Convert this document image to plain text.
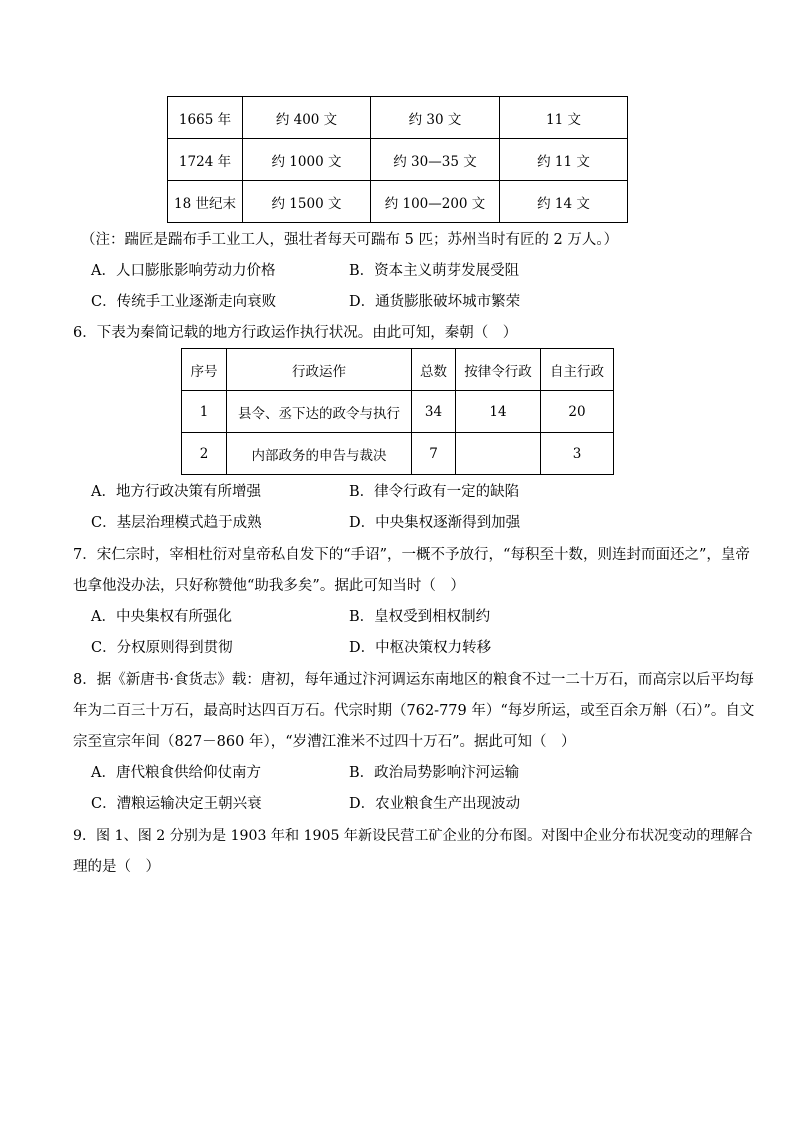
1665 年	约 400 文	约 30 文	11 文
1724 年	约 1000 文	约 30—35 文	约 11 文
18 世纪末	约 1500 文	约 100—200 文	约 14 文
（注：踹匠是踹布手工业工人，强壮者每天可踹布 5 匹；苏州当时有匠的 2 万人。）
A．人口膨胀影响劳动力价格	B．资本主义萌芽发展受阻
C．传统手工业逐渐走向衰败	D．通货膨胀破坏城市繁荣
6．下表为秦简记载的地方行政运作执行状况。由此可知，秦朝（　）
序号	行政运作	总数	按律令行政	自主行政
1	县令、丞下达的政令与执行	34	14	20
2	内部政务的申告与裁决	7		3
A．地方行政决策有所增强	B．律令行政有一定的缺陷
C．基层治理模式趋于成熟	D．中央集权逐渐得到加强
7．宋仁宗时，宰相杜衍对皇帝私自发下的“手诏”，一概不予放行，“每积至十数，则连封而面还之”，皇帝
也拿他没办法，只好称赞他“助我多矣”。据此可知当时（　）
A．中央集权有所强化	B．皇权受到相权制约
C．分权原则得到贯彻	D．中枢决策权力转移
8．据《新唐书·食货志》载：唐初，每年通过汴河调运东南地区的粮食不过一二十万石，而高宗以后平均每
年为二百三十万石，最高时达四百万石。代宗时期（762-779 年）“每岁所运，或至百余万斛（石）”。自文
宗至宣宗年间（827－860 年），“岁漕江淮米不过四十万石”。据此可知（　）
A．唐代粮食供给仰仗南方	B．政治局势影响汴河运输
C．漕粮运输决定王朝兴衰	D．农业粮食生产出现波动
9．图 1、图 2 分别为是 1903 年和 1905 年新设民营工矿企业的分布图。对图中企业分布状况变动的理解合
理的是（　）
